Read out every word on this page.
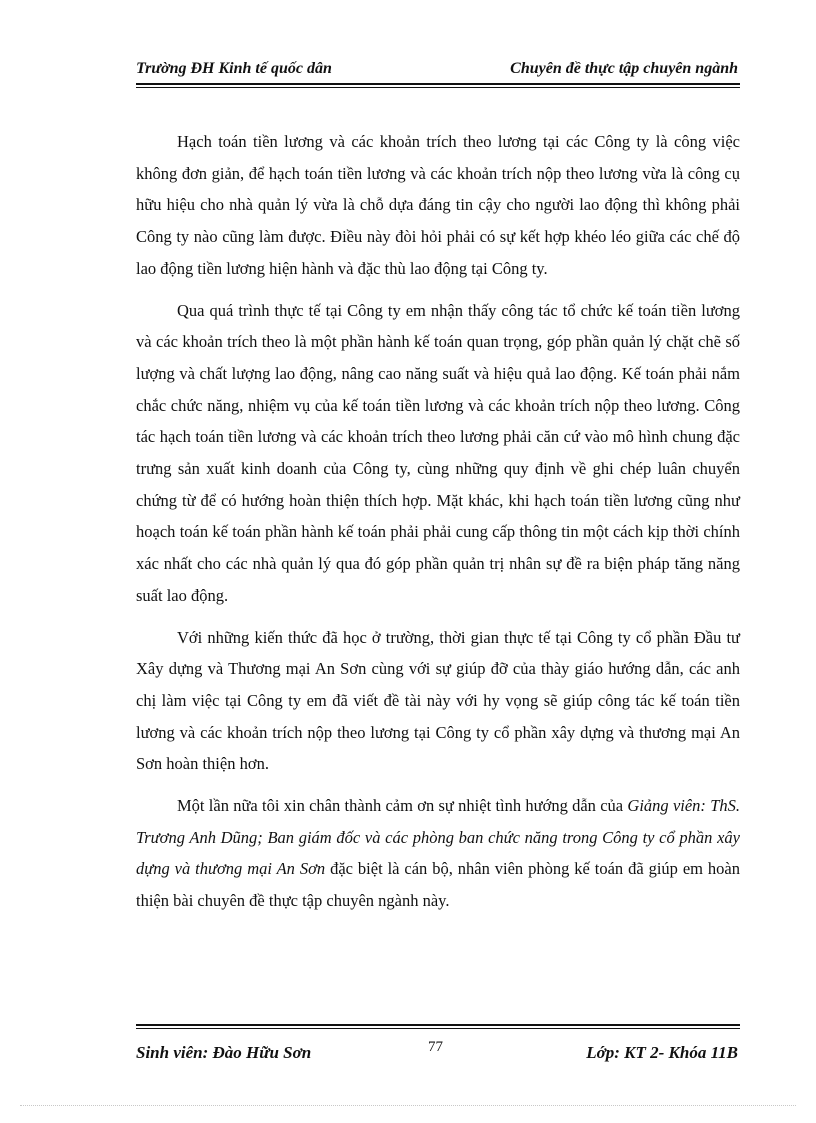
Trường ĐH Kinh tế quốc dân	Chuyên đề thực tập chuyên ngành

Hạch toán tiền lương và các khoản trích theo lương tại các Công ty là công việc không đơn giản, để hạch toán tiền lương và các khoản trích nộp theo lương vừa là công cụ hữu hiệu cho nhà quản lý vừa là chỗ dựa đáng tin cậy cho người lao động thì không phải Công ty nào cũng làm được. Điều này đòi hỏi phải có sự kết hợp khéo léo giữa các chế độ lao động tiền lương hiện hành và đặc thù lao động tại Công ty.

Qua quá trình thực tế tại Công ty em nhận thấy công tác tổ chức kế toán tiền lương và các khoản trích theo là một phần hành kế toán quan trọng, góp phần quản lý chặt chẽ số lượng và chất lượng lao động, nâng cao năng suất và hiệu quả lao động. Kế toán phải nắm chắc chức năng, nhiệm vụ của kế toán tiền lương và các khoản trích nộp theo lương. Công tác hạch toán tiền lương và các khoản trích theo lương phải căn cứ vào mô hình chung đặc trưng sản xuất kinh doanh của Công ty, cùng những quy định về ghi chép luân chuyển chứng từ để có hướng hoàn thiện thích hợp. Mặt khác, khi hạch toán tiền lương cũng như hoạch toán kế toán phần hành kế toán phải phải cung cấp thông tin một cách kịp thời chính xác nhất cho các nhà quản lý qua đó góp phần quản trị nhân sự đề ra biện pháp tăng năng suất lao động.

Với những kiến thức đã học ở trường, thời gian thực tế tại Công ty cổ phần Đầu tư Xây dựng và Thương mại An Sơn cùng với sự giúp đỡ của thày giáo hướng dẫn, các anh chị làm việc tại Công ty em đã viết đề tài này với hy vọng sẽ giúp công tác kế toán tiền lương và các khoản trích nộp theo lương tại Công ty cổ phần xây dựng và thương mại An Sơn hoàn thiện hơn.

Một lần nữa tôi xin chân thành cảm ơn sự nhiệt tình hướng dẫn của Giảng viên: ThS. Trương Anh Dũng; Ban giám đốc và các phòng ban chức năng trong Công ty cổ phần xây dựng và thương mại An Sơn đặc biệt là cán bộ, nhân viên phòng kế toán đã giúp em hoàn thiện bài chuyên đề thực tập chuyên ngành này.

Sinh viên: Đào Hữu Sơn	77	Lớp: KT 2- Khóa 11B
